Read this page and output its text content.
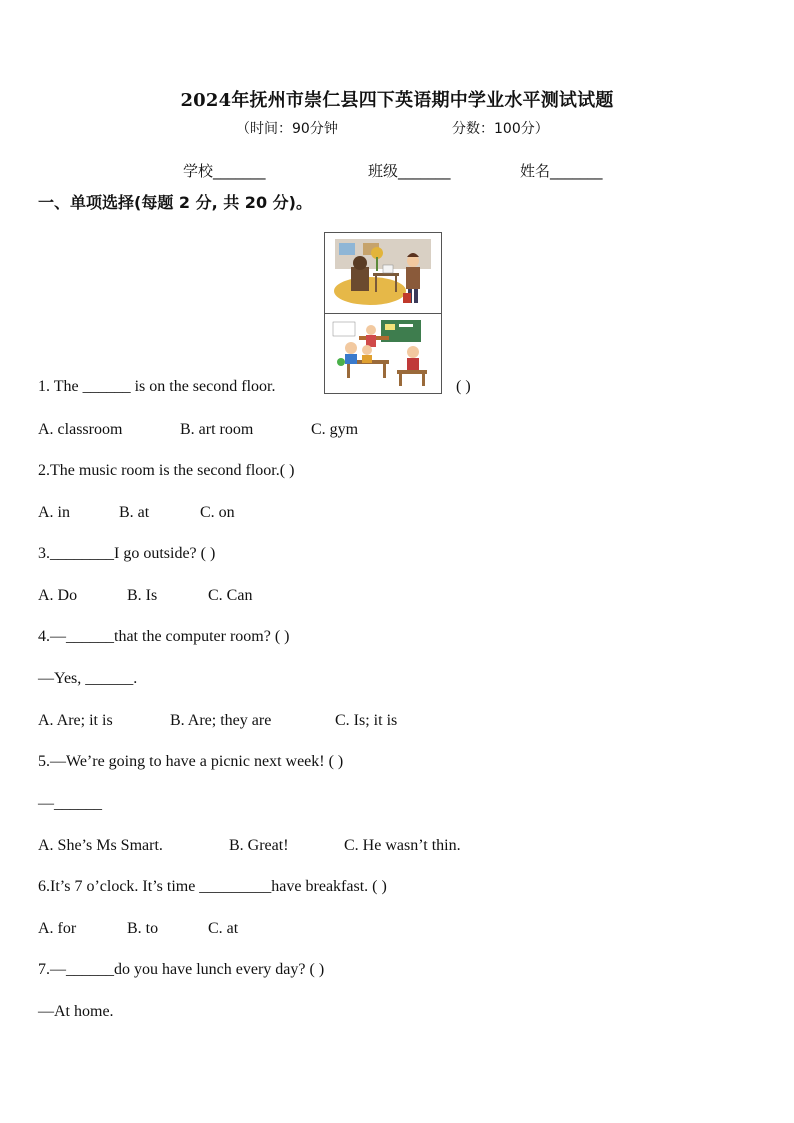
2024年抚州市崇仁县四下英语期中学业水平测试试题
（时间：90分钟	分数：100分）
学校_______	班级_______	姓名_______
一、单项选择(每题 2 分, 共 20 分)。
1. The ______ is on the second floor.	( )
A. classroom	B. art room	C. gym
2.The music room is the second floor.( )
A. in	B. at	C. on
3.________I go outside? ( )
A. Do	B. Is	C. Can
4.—______that the computer room? ( )
—Yes, ______.
A. Are; it is	B. Are; they are	C. Is; it is
5.—We’re going to have a picnic next week! ( )
—______
A. She’s Ms Smart.	B. Great!	C. He wasn’t thin.
6.It’s 7 o’clock. It’s time _________have breakfast. ( )
A. for	B. to	C. at
7.—______do you have lunch every day? ( )
—At home.
